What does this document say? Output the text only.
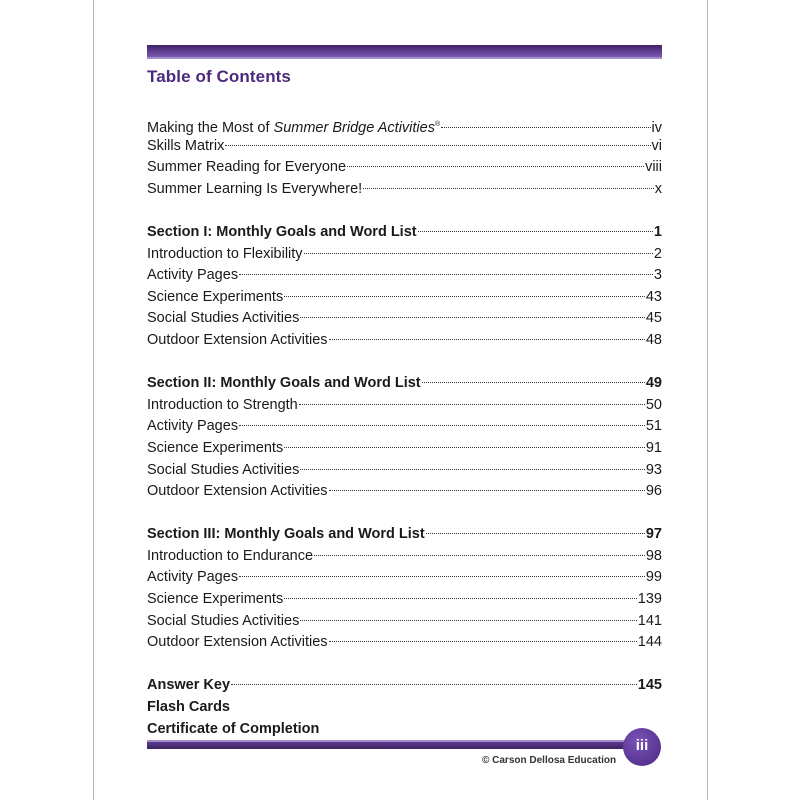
Table of Contents
Making the Most of Summer Bridge Activities®	iv
Skills Matrix	vi
Summer Reading for Everyone	viii
Summer Learning Is Everywhere!	x
Section I: Monthly Goals and Word List	1
Introduction to Flexibility	2
Activity Pages	3
Science Experiments	43
Social Studies Activities	45
Outdoor Extension Activities	48
Section II: Monthly Goals and Word List	49
Introduction to Strength	50
Activity Pages	51
Science Experiments	91
Social Studies Activities	93
Outdoor Extension Activities	96
Section III: Monthly Goals and Word List	97
Introduction to Endurance	98
Activity Pages	99
Science Experiments	139
Social Studies Activities	141
Outdoor Extension Activities	144
Answer Key	145
Flash Cards
Certificate of Completion
iii
© Carson Dellosa Education
